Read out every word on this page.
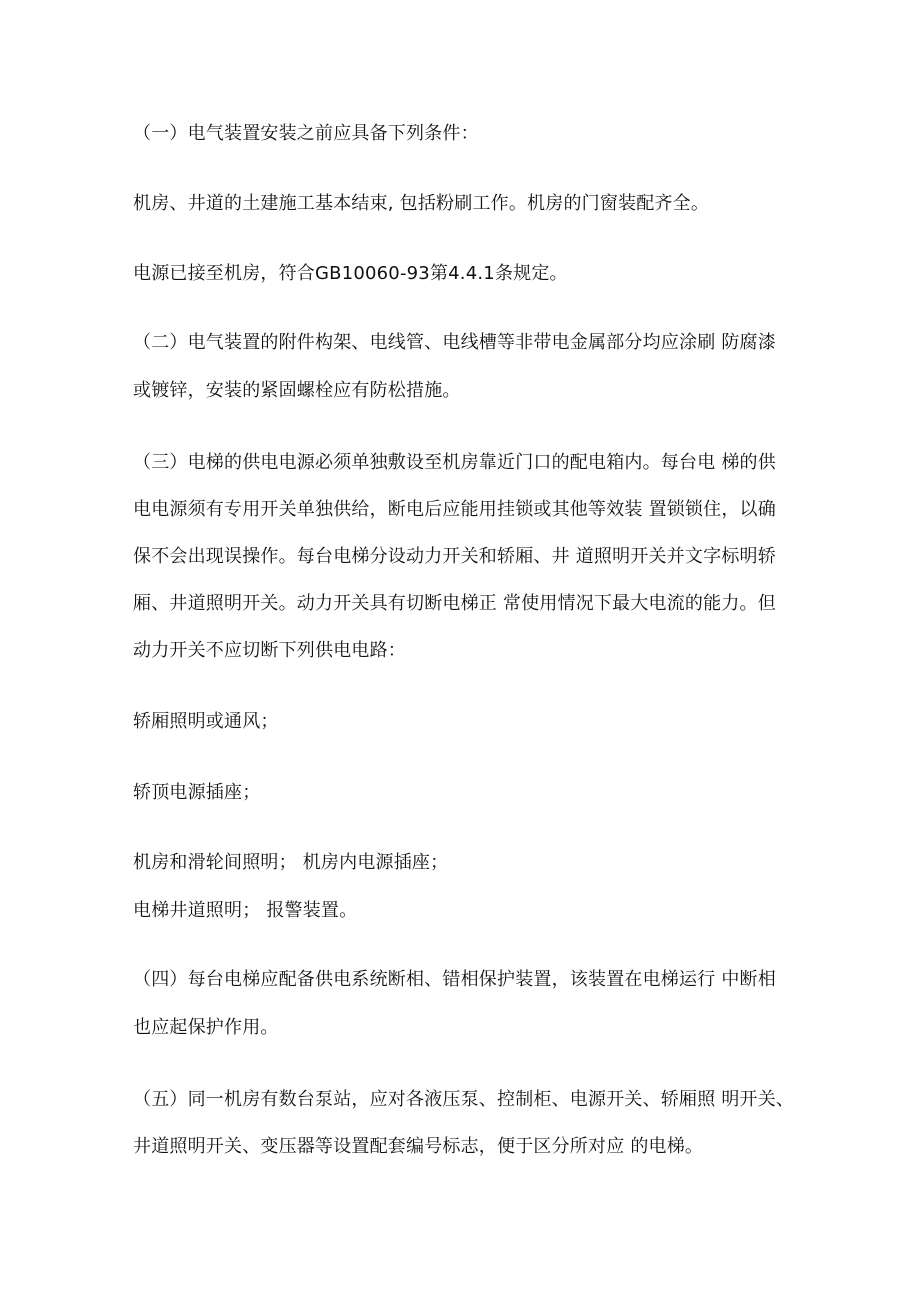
（一）电气装置安装之前应具备下列条件：
机房、井道的土建施工基本结束, 包括粉刷工作。机房的门窗装配齐全。
电源已接至机房，符合GB10060-93第4.4.1条规定。
（二）电气装置的附件构架、电线管、电线槽等非带电金属部分均应涂刷 防腐漆
或镀锌，安装的紧固螺栓应有防松措施。
（三）电梯的供电电源必须单独敷设至机房靠近门口的配电箱内。每台电 梯的供
电电源须有专用开关单独供给，断电后应能用挂锁或其他等效装 置锁锁住，以确
保不会出现误操作。每台电梯分设动力开关和轿厢、井 道照明开关并文字标明轿
厢、井道照明开关。动力开关具有切断电梯正 常使用情况下最大电流的能力。但
动力开关不应切断下列供电电路：
轿厢照明或通风；
轿顶电源插座；
机房和滑轮间照明； 机房内电源插座；
电梯井道照明； 报警装置。
（四）每台电梯应配备供电系统断相、错相保护装置，该装置在电梯运行 中断相
也应起保护作用。
（五）同一机房有数台泵站，应对各液压泵、控制柜、电源开关、轿厢照 明开关、
井道照明开关、变压器等设置配套编号标志，便于区分所对应 的电梯。
